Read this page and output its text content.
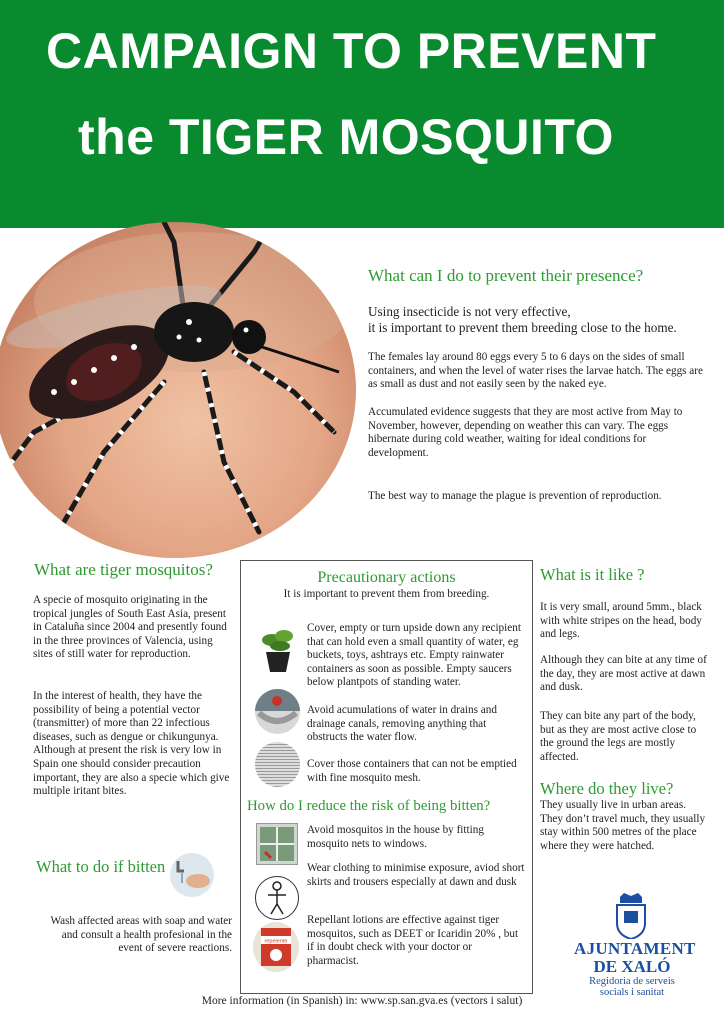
CAMPAIGN TO PREVENT
the TIGER MOSQUITO
What can I do to prevent their presence?
Using insecticide is not very effective,
it is important to prevent them breeding close to the home.
The females lay around 80 eggs every 5 to 6 days on the sides of small containers, and when the level of water rises the larvae hatch. The eggs are as small as dust and not easily seen by the naked eye.
Accumulated evidence suggests that they are most active from May to November, however, depending on weather this can vary. The eggs hibernate during cold weather, waiting for ideal conditions for development.
The best way to manage the plague is prevention of reproduction.
What are tiger mosquitos?
A specie of mosquito originating in the tropical jungles of South East Asia, present in Cataluña since 2004 and presently found in the three provinces of Valencia, using sites of still water for reproduction.
In the interest of health, they have the possibility of being a potential vector (transmitter) of more than 22 infectious diseases, such as dengue or chikungunya. Although at present the risk is very low in Spain one should consider precaution important, they are also a specie which give multiple iritant bites.
What to do if bitten
Wash affected areas with soap and water and consult a health profesional in the event of severe reactions.
Precautionary actions
It is important to prevent them from breeding.
Cover, empty or turn upside down any recipient that can hold even a small quantity of water, eg buckets, toys, ashtrays etc. Empty rainwater containers as soon as possible. Empty saucers below plantpots of standing water.
Avoid acumulations of water in drains and drainage canals, removing anything that obstructs the water flow.
Cover those containers that can not be emptied with fine mosquito mesh.
How do I reduce the risk of being bitten?
Avoid mosquitos in the house by fitting mosquito nets to windows.
Wear clothing to minimise exposure, aviod short skirts and trousers especially at dawn and dusk
repelente
Repellant lotions are effective against tiger mosquitos, such as DEET or Icaridin 20% , but if in doubt check with your doctor or pharmacist.
What is it like ?
It is very small, around 5mm., black with white stripes on the head, body and legs.
Although they can bite at any time of the day, they are most active at dawn and dusk.
They can bite any part of the body, but as they are most active close to the ground the legs are mostly affected.
Where do they live?
They usually live in urban areas. They don’t travel much, they usually stay within 500 metres of the place where they were hatched.
AJUNTAMENT
DE XALÓ
Regidoria de serveis
socials i sanitat
More information (in Spanish) in: www.sp.san.gva.es (vectors i salut)
